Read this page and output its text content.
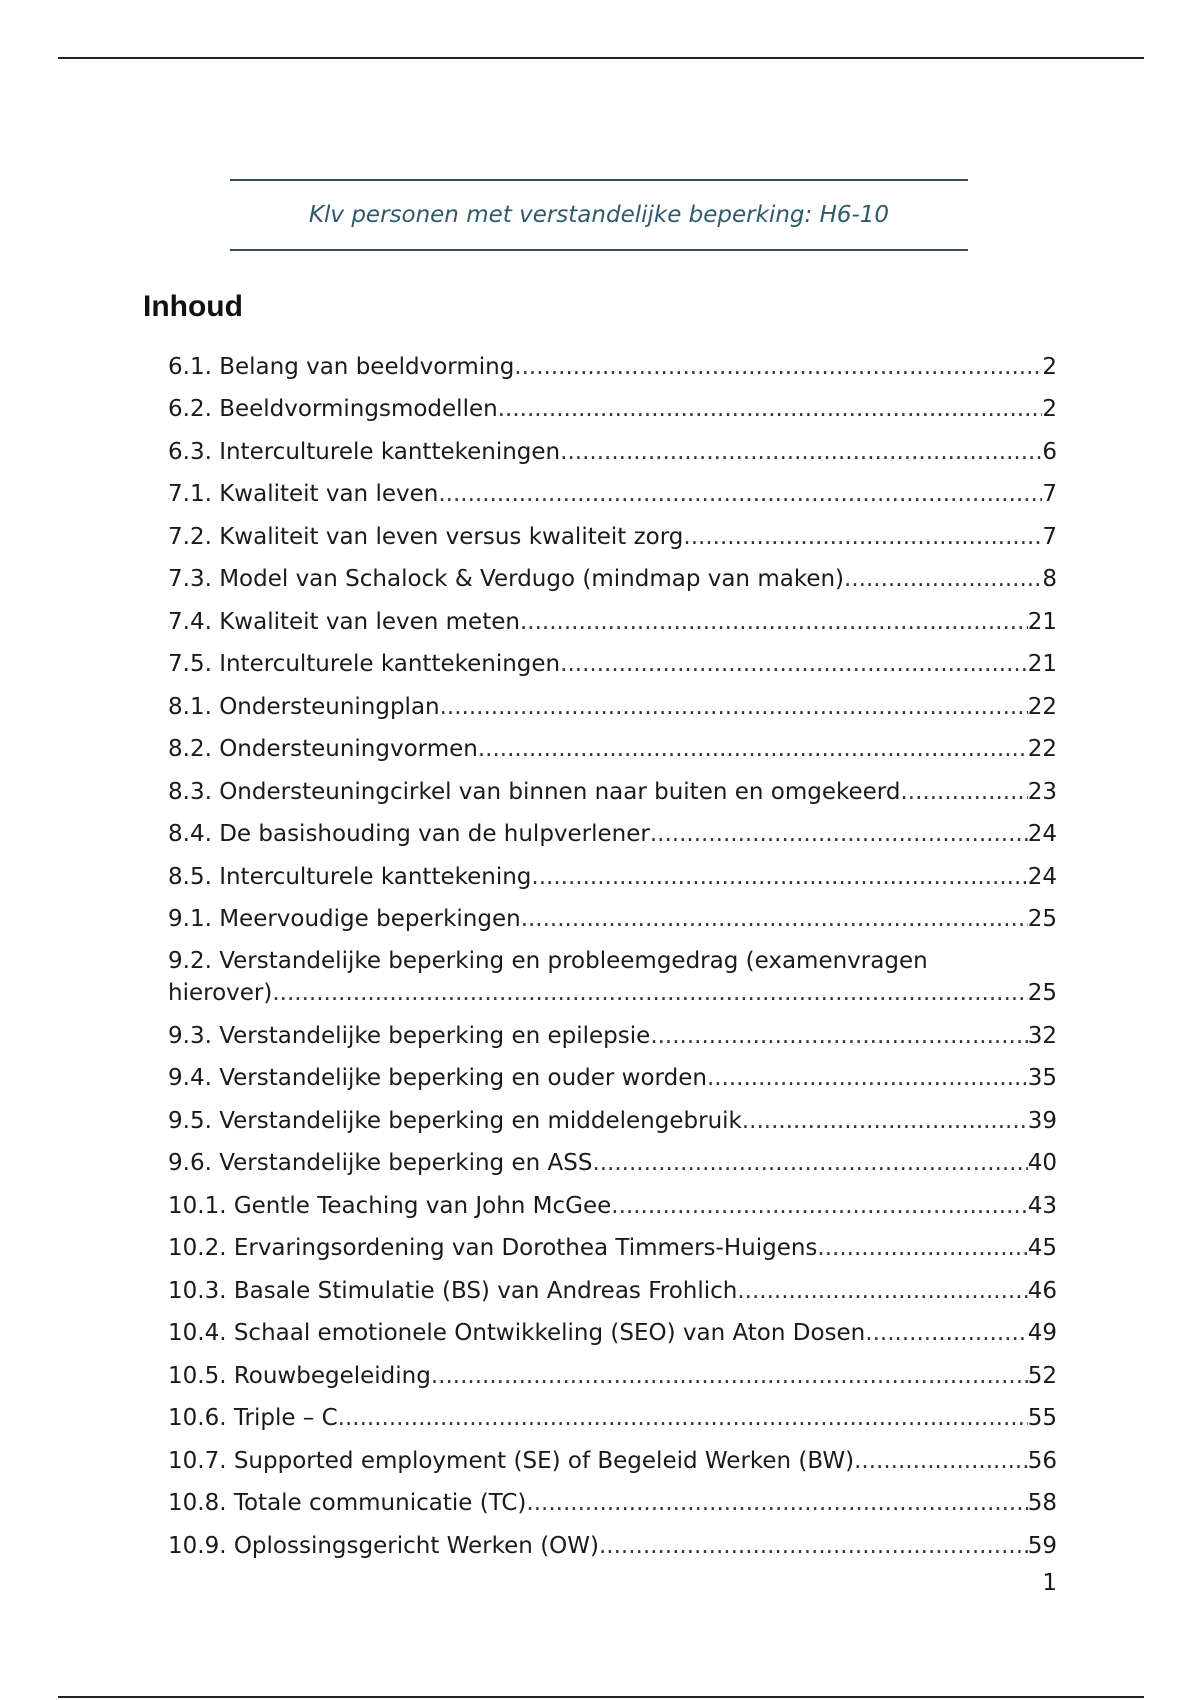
Klv personen met verstandelijke beperking: H6-10
Inhoud
6.1. Belang van beeldvorming .....	2
6.2. Beeldvormingsmodellen .....	2
6.3. Interculturele kanttekeningen .....	6
7.1. Kwaliteit van leven .....	7
7.2. Kwaliteit van leven versus kwaliteit zorg .....	7
7.3. Model van Schalock & Verdugo (mindmap van maken) .....	8
7.4. Kwaliteit van leven meten .....	21
7.5. Interculturele kanttekeningen .....	21
8.1. Ondersteuningplan .....	22
8.2. Ondersteuningvormen .....	22
8.3. Ondersteuningcirkel van binnen naar buiten en omgekeerd .....	23
8.4. De basishouding van de hulpverlener .....	24
8.5. Interculturele kanttekening .....	24
9.1. Meervoudige beperkingen .....	25
9.2. Verstandelijke beperking en probleemgedrag (examenvragen
hierover) .....	25
9.3. Verstandelijke beperking en epilepsie .....	32
9.4. Verstandelijke beperking en ouder worden .....	35
9.5. Verstandelijke beperking en middelengebruik .....	39
9.6. Verstandelijke beperking en ASS .....	40
10.1. Gentle Teaching van John McGee .....	43
10.2. Ervaringsordening van Dorothea Timmers-Huigens .....	45
10.3. Basale Stimulatie (BS) van Andreas Frohlich .....	46
10.4. Schaal emotionele Ontwikkeling (SEO) van Aton Dosen .....	49
10.5. Rouwbegeleiding .....	52
10.6. Triple – C .....	55
10.7. Supported employment (SE) of Begeleid Werken (BW) .....	56
10.8. Totale communicatie (TC) .....	58
10.9. Oplossingsgericht Werken (OW) .....	59
1
